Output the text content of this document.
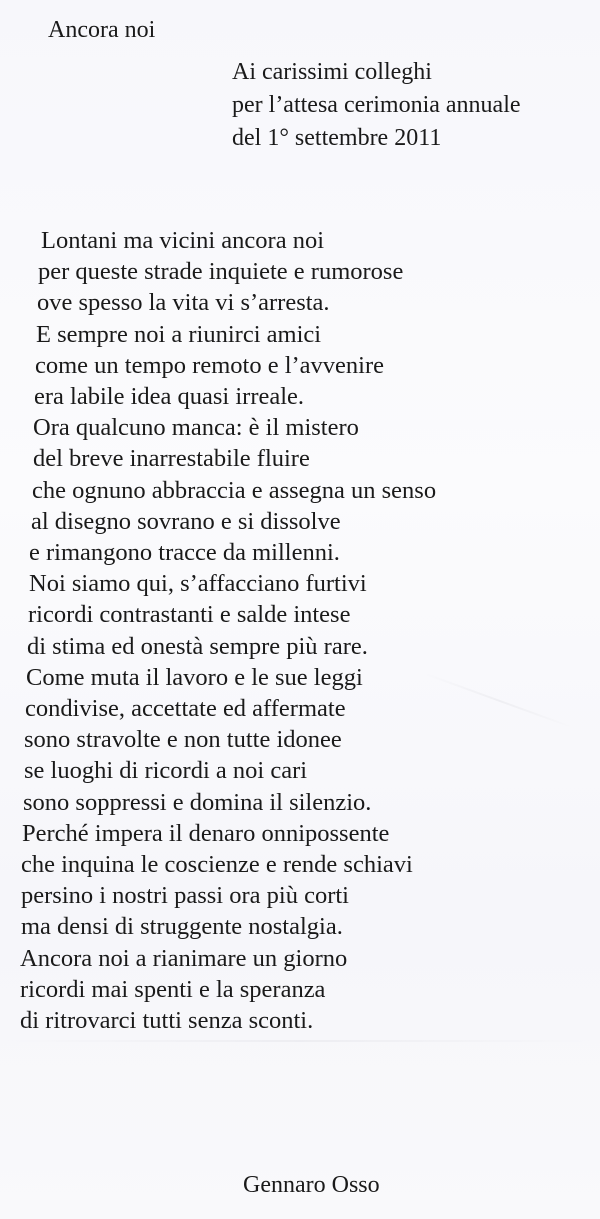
Ancora noi
Ai carissimi colleghi
per l’attesa cerimonia annuale
del 1° settembre 2011
Lontani ma vicini ancora noi
per queste strade inquiete e rumorose
ove spesso la vita vi s’arresta.
E sempre noi a riunirci amici
come un tempo remoto e l’avvenire
era labile idea quasi irreale.
Ora qualcuno manca: è il mistero
del breve inarrestabile fluire
che ognuno abbraccia e assegna un senso
al disegno sovrano e si dissolve
e rimangono tracce da millenni.
Noi siamo qui, s’affacciano furtivi
ricordi contrastanti e salde intese
di stima ed onestà sempre più rare.
Come muta il lavoro e le sue leggi
condivise, accettate ed affermate
sono stravolte e non tutte idonee
se luoghi di ricordi a noi cari
sono soppressi e domina il silenzio.
Perché impera il denaro onnipossente
che inquina le coscienze e rende schiavi
persino i nostri passi ora più corti
ma densi di struggente nostalgia.
Ancora noi a rianimare un giorno
ricordi mai spenti e la speranza
di ritrovarci tutti senza sconti.
Gennaro Osso
